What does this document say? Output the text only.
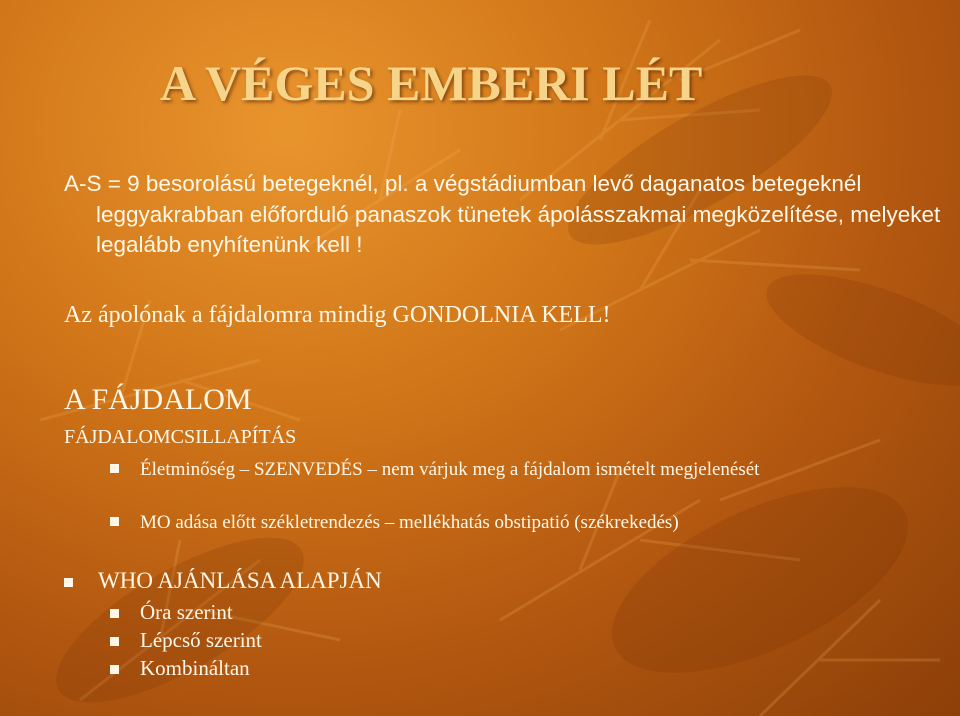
A VÉGES EMBERI LÉT

A-S = 9 besorolású betegeknél, pl. a végstádiumban levő daganatos betegeknél leggyakrabban előforduló panaszok tünetek ápolásszakmai megközelítése, melyeket legalább enyhítenünk kell !

Az ápolónak a fájdalomra mindig GONDOLNIA KELL!

A FÁJDALOM

FÁJDALOMCSILLAPÍTÁS

Életminőség – SZENVEDÉS – nem várjuk meg a fájdalom ismételt megjelenését

MO adása előtt székletrendezés – mellékhatás obstipatió (székrekedés)

WHO AJÁNLÁSA ALAPJÁN

Óra szerint

Lépcső szerint

Kombináltan
